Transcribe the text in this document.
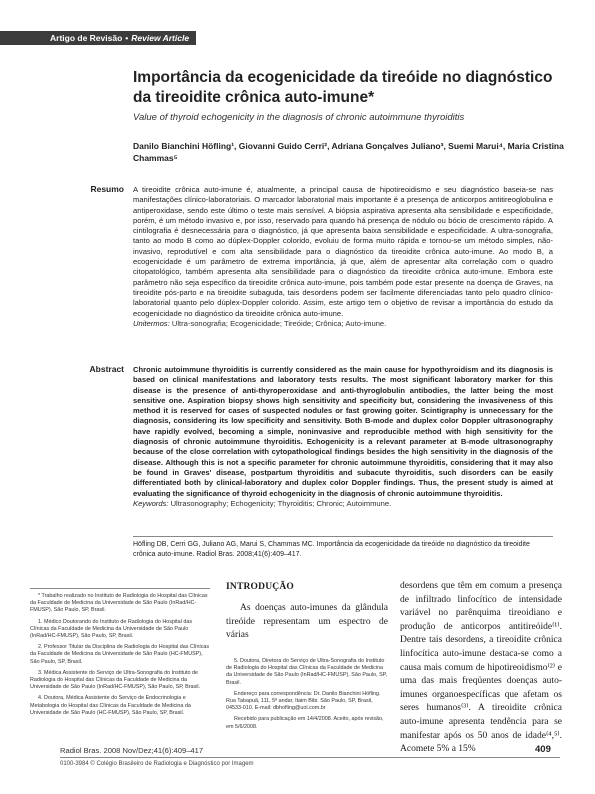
Artigo de Revisão • Review Article
Importância da ecogenicidade da tireóide no diagnóstico da tireoidite crônica auto-imune*
Value of thyroid echogenicity in the diagnosis of chronic autoimmune thyroiditis
Danilo Bianchini Höfling¹, Giovanni Guido Cerri², Adriana Gonçalves Juliano³, Suemi Marui⁴, Maria Cristina Chammas⁵
Resumo A tireoidite crônica auto-imune é, atualmente, a principal causa de hipotireoidismo e seu diagnóstico baseia-se nas manifestações clínico-laboratoriais. O marcador laboratorial mais importante é a presença de anticorpos antitireoglobulina e antiperoxidase, sendo este último o teste mais sensível. A biópsia aspirativa apresenta alta sensibilidade e especificidade, porém, é um método invasivo e, por isso, reservado para quando há presença de nódulo ou bócio de crescimento rápido. A cintilografia é desnecessária para o diagnóstico, já que apresenta baixa sensibilidade e especificidade. A ultra-sonografia, tanto ao modo B como ao dúplex-Doppler colorido, evoluiu de forma muito rápida e tornou-se um método simples, não-invasivo, reprodutível e com alta sensibilidade para o diagnóstico da tireoidite crônica auto-imune. Ao modo B, a ecogenicidade é um parâmetro de extrema importância, já que, além de apresentar alta correlação com o quadro citopatológico, também apresenta alta sensibilidade para o diagnóstico da tireoidite crônica auto-imune. Embora este parâmetro não seja específico da tireoidite crônica auto-imune, pois também pode estar presente na doença de Graves, na tireoidite pós-parto e na tireoidite subaguda, tais desordens podem ser facilmente diferenciadas tanto pelo quadro clínico-laboratorial quanto pelo dúplex-Doppler colorido. Assim, este artigo tem o objetivo de revisar a importância do estudo da ecogenicidade no diagnóstico da tireoidite crônica auto-imune.
Unitermos: Ultra-sonografia; Ecogenicidade; Tireóide; Crônica; Auto-imune.
Abstract Chronic autoimmune thyroiditis is currently considered as the main cause for hypothyroidism and its diagnosis is based on clinical manifestations and laboratory tests results. The most significant laboratory marker for this disease is the presence of anti-thyroperoxidase and anti-thyroglobulin antibodies, the latter being the most sensitive one. Aspiration biopsy shows high sensitivity and specificity but, considering the invasiveness of this method it is reserved for cases of suspected nodules or fast growing goiter. Scintigraphy is unnecessary for the diagnosis, considering its low specificity and sensitivity. Both B-mode and duplex color Doppler ultrasonography have rapidly evolved, becoming a simple, noninvasive and reproducible method with high sensitivity for the diagnosis of chronic autoimmune thyroiditis. Echogenicity is a relevant parameter at B-mode ultrasonography because of the close correlation with cytopathological findings besides the high sensitivity in the diagnosis of the disease. Although this is not a specific parameter for chronic autoimmune thyroiditis, considering that it may also be found in Graves' disease, postpartum thyroiditis and subacute thyroiditis, such disorders can be easily differentiated both by clinical-laboratory and duplex color Doppler findings. Thus, the present study is aimed at evaluating the significance of thyroid echogenicity in the diagnosis of chronic autoimmune thyroiditis.
Keywords: Ultrasonography; Echogenicity; Thyroiditis; Chronic; Autoimmune.
Höfling DB, Cerri GG, Juliano AG, Marui S, Chammas MC. Importância da ecogenicidade da tireóide no diagnóstico da tireoidite crônica auto-imune. Radiol Bras. 2008;41(6):409–417.

* Trabalho realizado no Instituto de Radiologia do Hospital das Clínicas da Faculdade de Medicina da Universidade de São Paulo (InRad/HC-FMUSP), São Paulo, SP, Brasil.

1. Médico Doutorando do Instituto de Radiologia do Hospital das Clínicas da Faculdade de Medicina da Universidade de São Paulo (InRad/HC-FMUSP), São Paulo, SP, Brasil.

2. Professor Titular da Disciplina de Radiologia do Hospital das Clínicas da Faculdade de Medicina da Universidade de São Paulo (HC-FMUSP), São Paulo, SP, Brasil.

3. Médica Assistente do Serviço de Ultra-Sonografia do Instituto de Radiologia do Hospital das Clínicas da Faculdade de Medicina da Universidade de São Paulo (InRad/HC-FMUSP), São Paulo, SP, Brasil.

4. Doutora, Médica Assistente do Serviço de Endocrinologia e Metabologia do Hospital das Clínicas da Faculdade de Medicina da Universidade de São Paulo (HC-FMUSP), São Paulo, SP, Brasil.

INTRODUÇÃO

As doenças auto-imunes da glândula tireóide representam um espectro de várias

5. Doutora, Diretora do Serviço de Ultra-Sonografia do Instituto de Radiologia do Hospital das Clínicas da Faculdade de Medicina da Universidade de São Paulo (InRad/HC-FMUSP), São Paulo, SP, Brasil.

Endereço para correspondência: Dr. Danilo Bianchini Höfling. Rua Tabapuã, 111, 5º andar, Itaim Bibi. São Paulo, SP, Brasil, 04533-010. E-mail: dbhofling@uol.com.br

Recebido para publicação em 14/4/2008. Aceito, após revisão, em 5/6/2008.

desordens que têm em comum a presença de infiltrado linfocítico de intensidade variável no parênquima tireoidiano e produção de anticorpos antitireóide⁽¹⁾. Dentre tais desordens, a tireoidite crônica linfocítica auto-imune destaca-se como a causa mais comum de hipotireoidismo⁽²⁾ e uma das mais freqüentes doenças auto-imunes organoespecíficas que afetam os seres humanos⁽³⁾. A tireoidite crônica auto-imune apresenta tendência para se manifestar após os 50 anos de idade⁽⁴,⁵⁾. Acomete 5% a 15%

Radiol Bras. 2008 Nov/Dez;41(6):409–417	409
0100-3984 © Colégio Brasileiro de Radiologia e Diagnóstico por Imagem
